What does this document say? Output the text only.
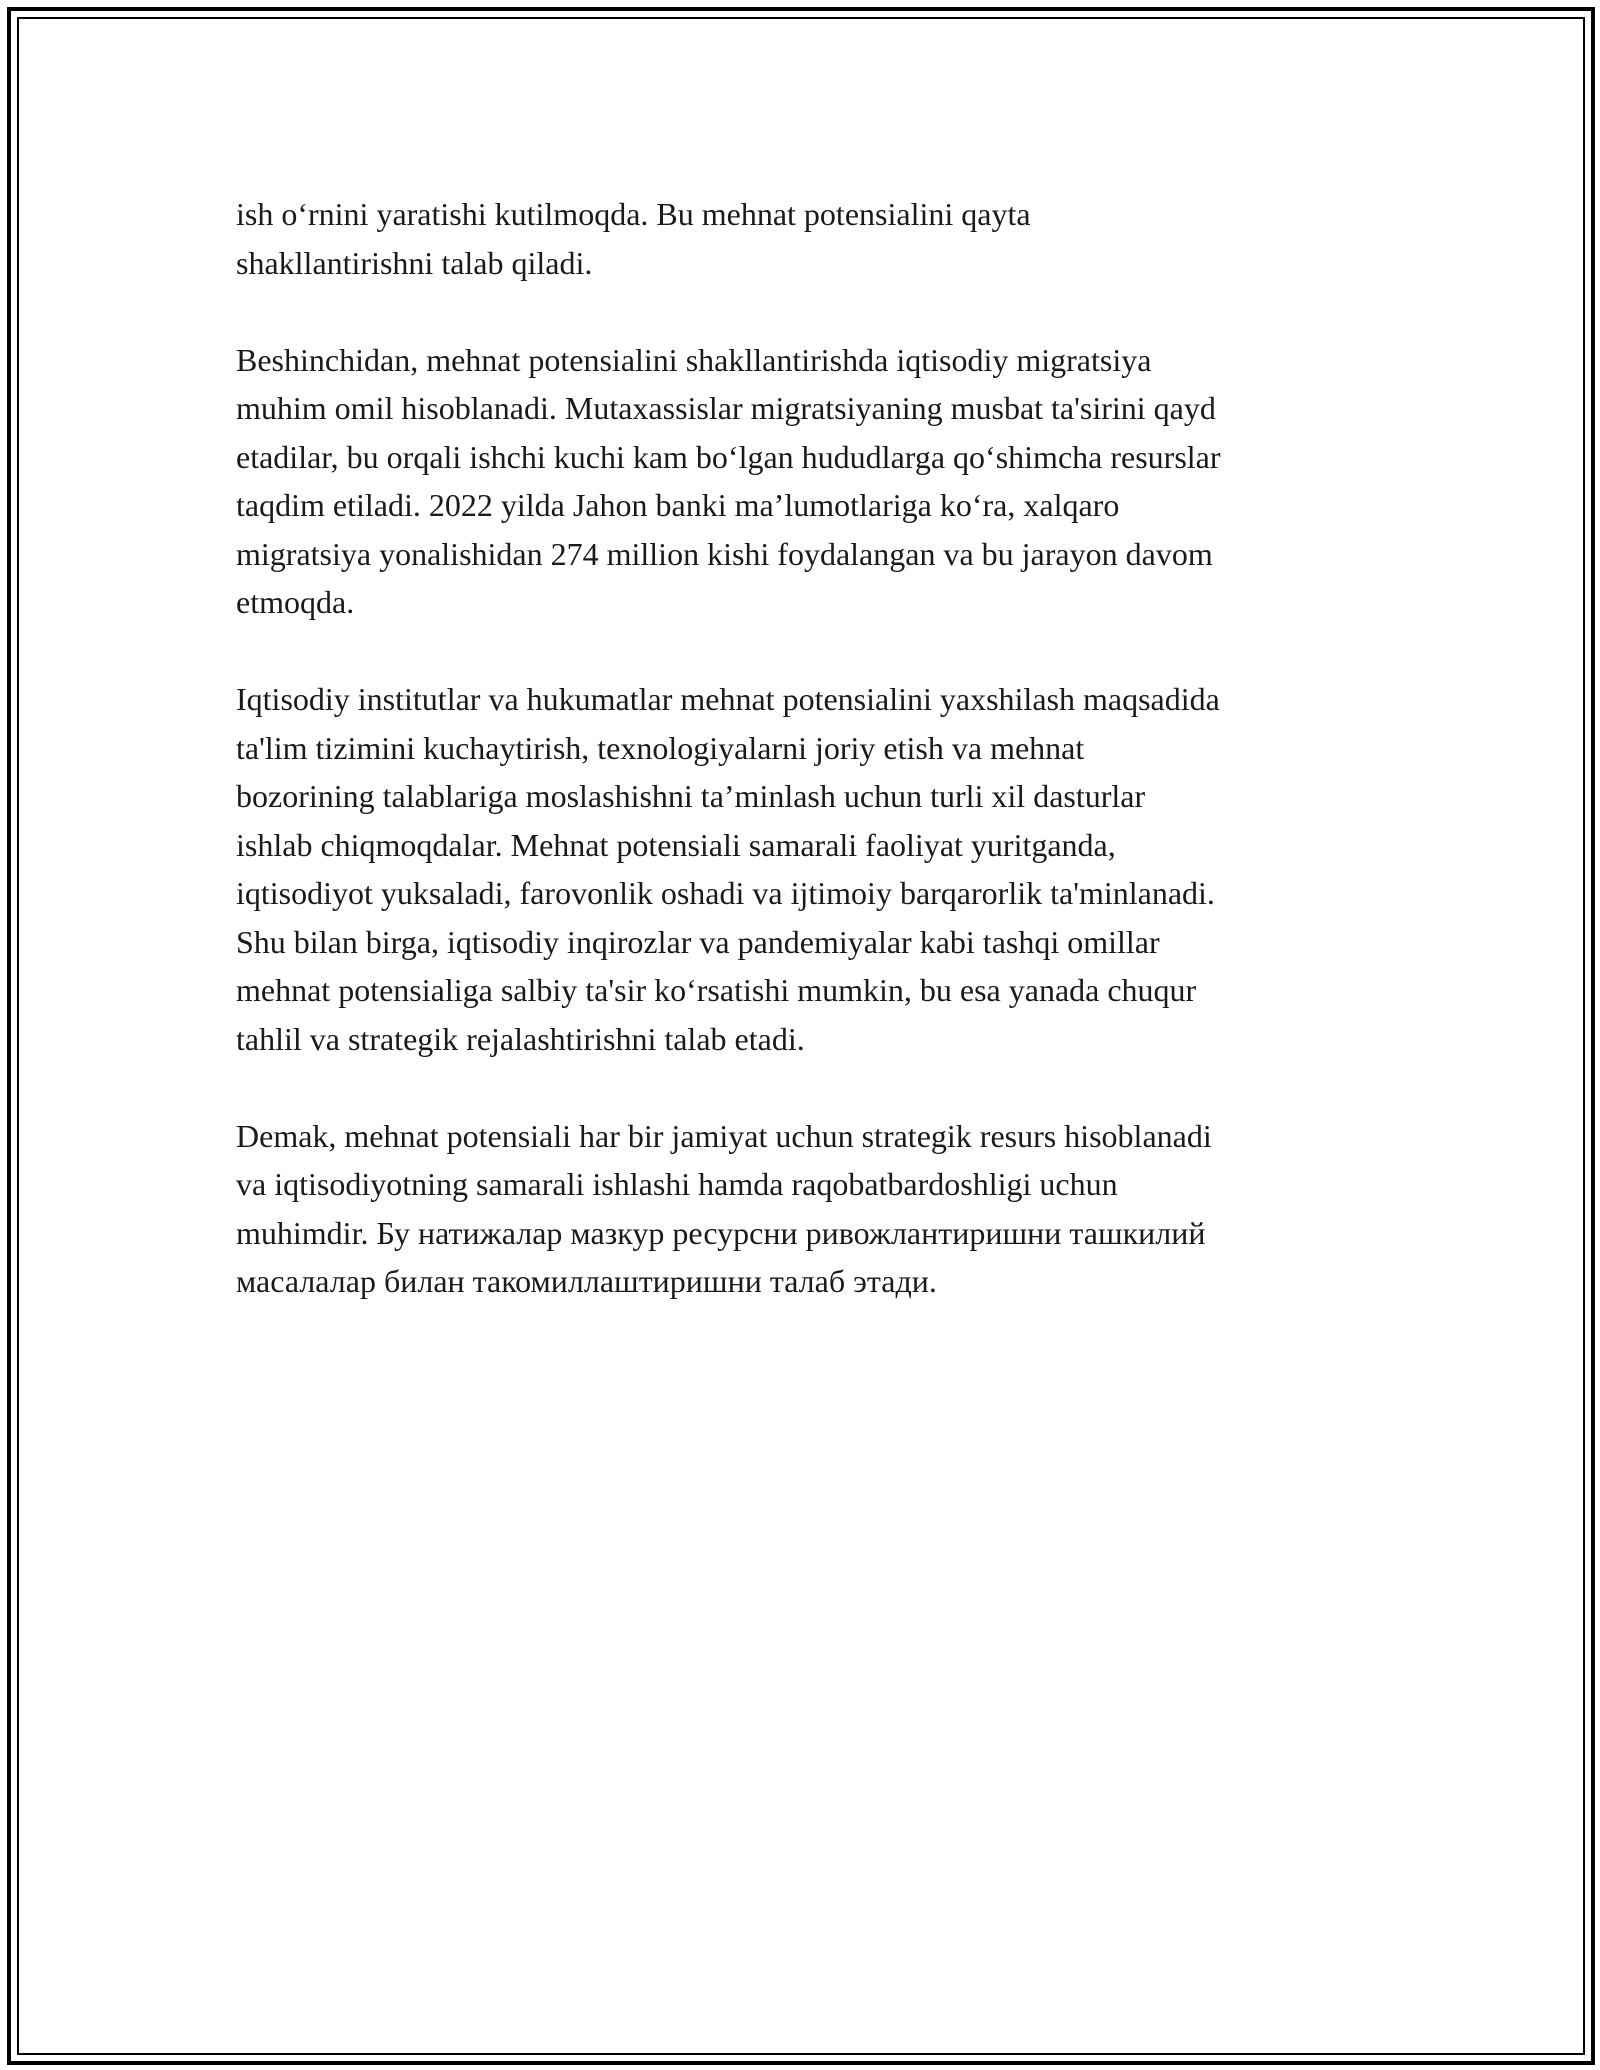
ish o‘rnini yaratishi kutilmoqda. Bu mehnat potensialini qayta
shakllantirishni talab qiladi.

Beshinchidan, mehnat potensialini shakllantirishda iqtisodiy migratsiya
muhim omil hisoblanadi. Mutaxassislar migratsiyaning musbat ta'sirini qayd
etadilar, bu orqali ishchi kuchi kam bo‘lgan hududlarga qo‘shimcha resurslar
taqdim etiladi. 2022 yilda Jahon banki ma’lumotlariga ko‘ra, xalqaro
migratsiya yonalishidan 274 million kishi foydalangan va bu jarayon davom
etmoqda.

Iqtisodiy institutlar va hukumatlar mehnat potensialini yaxshilash maqsadida
ta'lim tizimini kuchaytirish, texnologiyalarni joriy etish va mehnat
bozorining talablariga moslashishni ta’minlash uchun turli xil dasturlar
ishlab chiqmoqdalar. Mehnat potensiali samarali faoliyat yuritganda,
iqtisodiyot yuksaladi, farovonlik oshadi va ijtimoiy barqarorlik ta'minlanadi.
Shu bilan birga, iqtisodiy inqirozlar va pandemiyalar kabi tashqi omillar
mehnat potensialiga salbiy ta'sir ko‘rsatishi mumkin, bu esa yanada chuqur
tahlil va strategik rejalashtirishni talab etadi.

Demak, mehnat potensiali har bir jamiyat uchun strategik resurs hisoblanadi
va iqtisodiyotning samarali ishlashi hamda raqobatbardoshligi uchun
muhimdir. Бу натижалар мазкур ресурсни ривожлантиришни ташкилий
масалалар билан такомиллаштиришни талаб этади.
